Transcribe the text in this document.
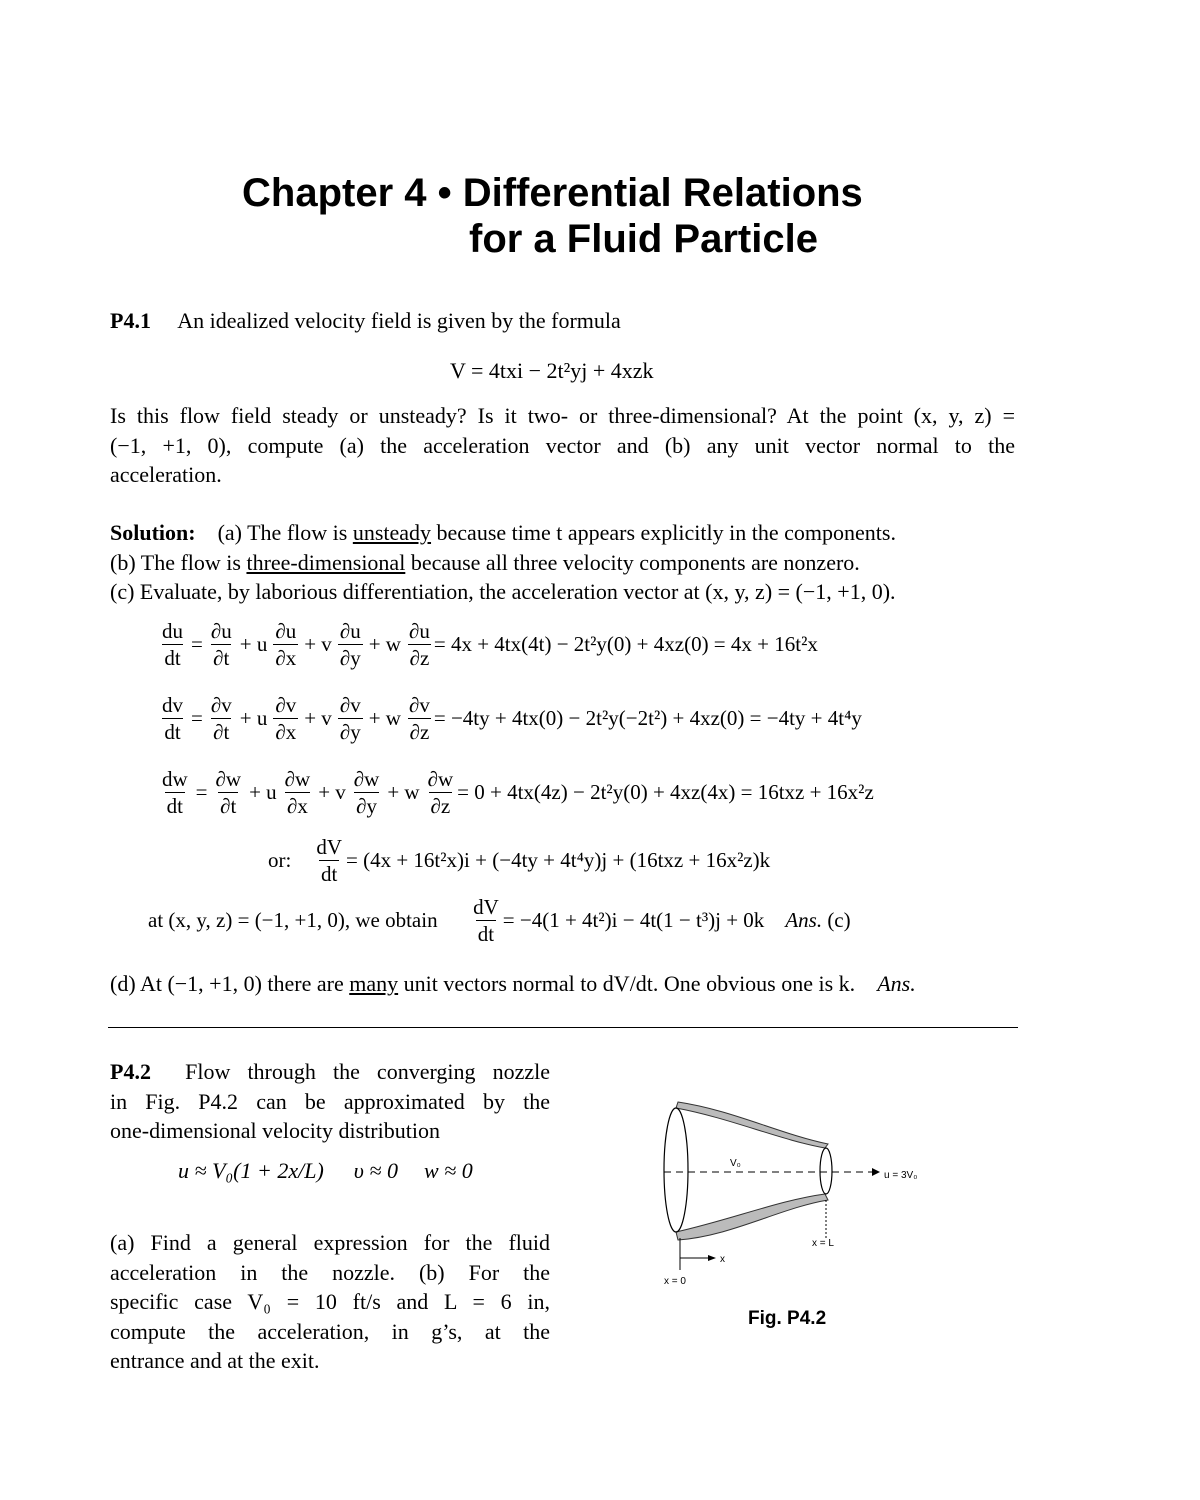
Chapter 4 • Differential Relations
for a Fluid Particle
P4.1 An idealized velocity field is given by the formula
V = 4txi − 2t²yj + 4xzk
Is this flow field steady or unsteady? Is it two- or three-dimensional? At the point (x, y, z) =
(−1, +1, 0), compute (a) the acceleration vector and (b) any unit vector normal to the
acceleration.
Solution: (a) The flow is unsteady because time t appears explicitly in the components.
(b) The flow is three-dimensional because all three velocity components are nonzero.
(c) Evaluate, by laborious differentiation, the acceleration vector at (x, y, z) = (−1, +1, 0).
$\frac{du}{dt} = \frac{\partial u}{\partial t} + u \frac{\partial u}{\partial x} + v \frac{\partial u}{\partial y} + w \frac{\partial u}{\partial z} = 4x + 4tx(4t) - 2t^2y(0) + 4xz(0) = 4x + 16t^2x$
$\frac{dv}{dt} = \frac{\partial v}{\partial t} + u \frac{\partial v}{\partial x} + v \frac{\partial v}{\partial y} + w \frac{\partial v}{\partial z} = -4ty + 4tx(0) - 2t^2y(-2t^2) + 4xz(0) = -4ty + 4t^4y$
$\frac{dw}{dt} = \frac{\partial w}{\partial t} + u \frac{\partial w}{\partial x} + v \frac{\partial w}{\partial y} + w \frac{\partial w}{\partial z} = 0 + 4tx(4z) - 2t^2y(0) + 4xz(4x) = 16txz + 16x^2z$
or:
$\frac{dV}{dt} = (4x + 16t^2x)i + (-4ty + 4t^4y)j + (16txz + 16x^2z)k$
at (x, y, z) = (−1, +1, 0), we obtain
$\frac{dV}{dt} = -4(1 + 4t^2)i - 4t(1 - t^3)j + 0k$
Ans.
(c)
(d) At (−1, +1, 0) there are many unit vectors normal to dV/dt. One obvious one is k. Ans.
P4.2 Flow through the converging nozzle
in Fig. P4.2 can be approximated by the
one-dimensional velocity distribution
u ≈ V₀(1 + 2x/L) υ ≈ 0 w ≈ 0
(a) Find a general expression for the fluid
acceleration in the nozzle. (b) For the
specific case V₀ = 10 ft/s and L = 6 in,
compute the acceleration, in g’s, at the
entrance and at the exit.
V₀
u = 3V₀
x
x = 0
x = L
Fig. P4.2
